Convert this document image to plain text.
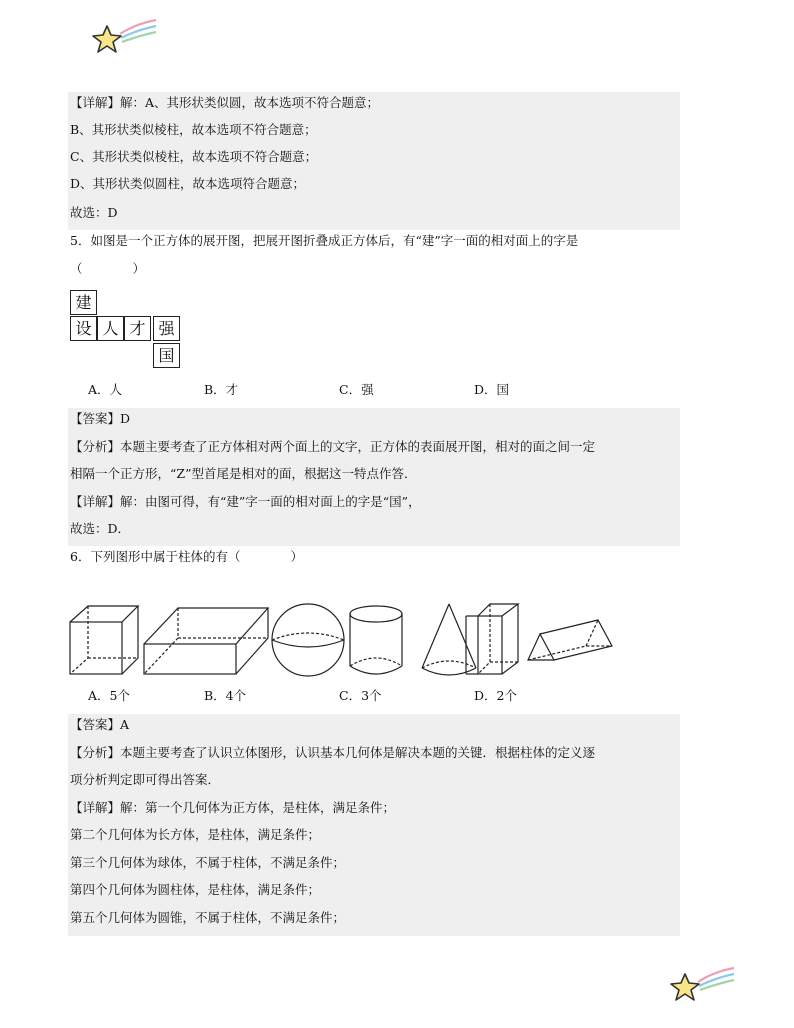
【详解】解：A、其形状类似圆，故本选项不符合题意；
B、其形状类似棱柱，故本选项不符合题意；
C、其形状类似棱柱，故本选项不符合题意；
D、其形状类似圆柱，故本选项符合题意；
故选：D
5．如图是一个正方体的展开图，把展开图折叠成正方体后，有“建”字一面的相对面上的字是
（　　　　）
建
设 人 才 强
国
A．人	B．才	C．强	D．国
【答案】D
【分析】本题主要考查了正方体相对两个面上的文字，正方体的表面展开图，相对的面之间一定
相隔一个正方形，“Z”型首尾是相对的面，根据这一特点作答．
【详解】解：由图可得，有“建”字一面的相对面上的字是“国”，
故选：D．
6．下列图形中属于柱体的有（　　　　）
A．5个	B．4个	C．3个	D．2个
【答案】A
【分析】本题主要考查了认识立体图形，认识基本几何体是解决本题的关键．根据柱体的定义逐
项分析判定即可得出答案．
【详解】解：第一个几何体为正方体，是柱体，满足条件；
第二个几何体为长方体，是柱体，满足条件；
第三个几何体为球体，不属于柱体，不满足条件；
第四个几何体为圆柱体，是柱体，满足条件；
第五个几何体为圆锥，不属于柱体，不满足条件；
